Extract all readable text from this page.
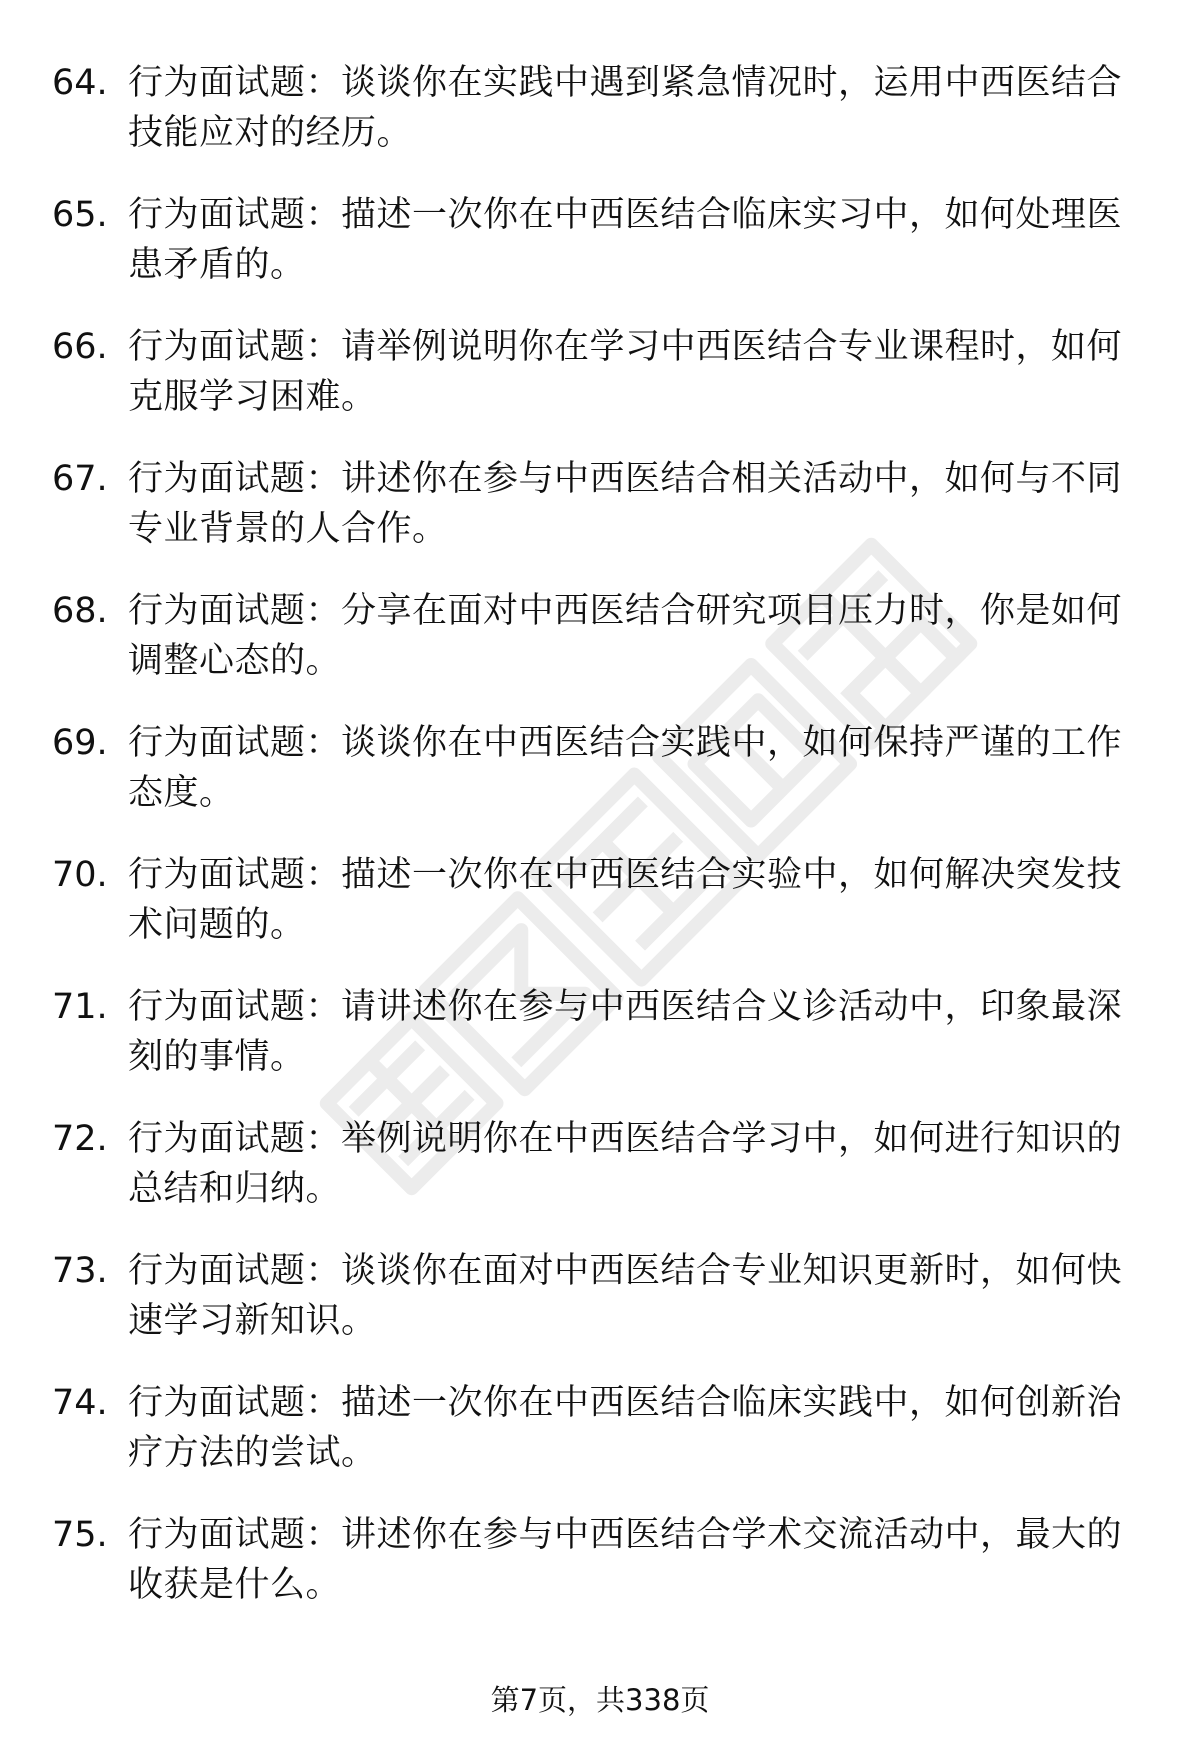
64. 行为面试题：谈谈你在实践中遇到紧急情况时，运用中西医结合技能应对的经历。
65. 行为面试题：描述一次你在中西医结合临床实习中，如何处理医患矛盾的。
66. 行为面试题：请举例说明你在学习中西医结合专业课程时，如何克服学习困难。
67. 行为面试题：讲述你在参与中西医结合相关活动中，如何与不同专业背景的人合作。
68. 行为面试题：分享在面对中西医结合研究项目压力时，你是如何调整心态的。
69. 行为面试题：谈谈你在中西医结合实践中，如何保持严谨的工作态度。
70. 行为面试题：描述一次你在中西医结合实验中，如何解决突发技术问题的。
71. 行为面试题：请讲述你在参与中西医结合义诊活动中，印象最深刻的事情。
72. 行为面试题：举例说明你在中西医结合学习中，如何进行知识的总结和归纳。
73. 行为面试题：谈谈你在面对中西医结合专业知识更新时，如何快速学习新知识。
74. 行为面试题：描述一次你在中西医结合临床实践中，如何创新治疗方法的尝试。
75. 行为面试题：讲述你在参与中西医结合学术交流活动中，最大的收获是什么。
第7页，共338页
